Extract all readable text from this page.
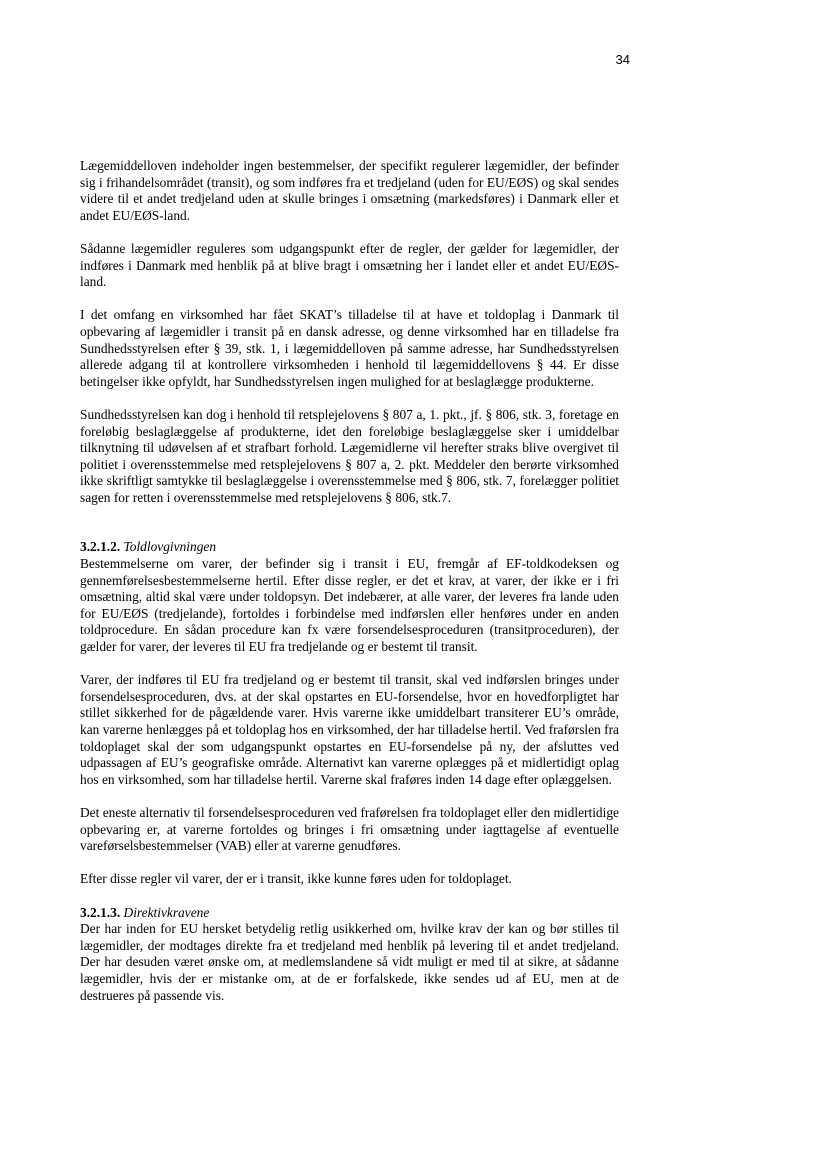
34

Lægemiddelloven indeholder ingen bestemmelser, der specifikt regulerer lægemidler, der befinder sig i frihandelsområdet (transit), og som indføres fra et tredjeland (uden for EU/EØS) og skal sendes videre til et andet tredjeland uden at skulle bringes i omsætning (markedsføres) i Danmark eller et andet EU/EØS-land.

Sådanne lægemidler reguleres som udgangspunkt efter de regler, der gælder for lægemidler, der indføres i Danmark med henblik på at blive bragt i omsætning her i landet eller et andet EU/EØS-land.

I det omfang en virksomhed har fået SKAT’s tilladelse til at have et toldoplag i Danmark til opbevaring af lægemidler i transit på en dansk adresse, og denne virksomhed har en tilladelse fra Sundhedsstyrelsen efter § 39, stk. 1, i lægemiddelloven på samme adresse, har Sundhedsstyrelsen allerede adgang til at kontrollere virksomheden i henhold til lægemiddellovens § 44. Er disse betingelser ikke opfyldt, har Sundhedsstyrelsen ingen mulighed for at beslaglægge produkterne.

Sundhedsstyrelsen kan dog i henhold til retsplejelovens § 807 a, 1. pkt., jf. § 806, stk. 3, foretage en foreløbig beslaglæggelse af produkterne, idet den foreløbige beslaglæggelse sker i umiddelbar tilknytning til udøvelsen af et strafbart forhold. Lægemidlerne vil herefter straks blive overgivet til politiet i overensstemmelse med retsplejelovens § 807 a, 2. pkt. Meddeler den berørte virksomhed ikke skriftligt samtykke til beslaglæggelse i overensstemmelse med § 806, stk. 7, forelægger politiet sagen for retten i overensstemmelse med retsplejelovens § 806, stk.7.

3.2.1.2. Toldlovgivningen

Bestemmelserne om varer, der befinder sig i transit i EU, fremgår af EF-toldkodeksen og gennemførelsesbestemmelserne hertil. Efter disse regler, er det et krav, at varer, der ikke er i fri omsætning, altid skal være under toldopsyn. Det indebærer, at alle varer, der leveres fra lande uden for EU/EØS (tredjelande), fortoldes i forbindelse med indførslen eller henføres under en anden toldprocedure. En sådan procedure kan fx være forsendelsesproceduren (transitproceduren), der gælder for varer, der leveres til EU fra tredjelande og er bestemt til transit.

Varer, der indføres til EU fra tredjeland og er bestemt til transit, skal ved indførslen bringes under forsendelsesproceduren, dvs. at der skal opstartes en EU-forsendelse, hvor en hovedforpligtet har stillet sikkerhed for de pågældende varer. Hvis varerne ikke umiddelbart transiterer EU’s område, kan varerne henlægges på et toldoplag hos en virksomhed, der har tilladelse hertil. Ved fraførslen fra toldoplaget skal der som udgangspunkt opstartes en EU-forsendelse på ny, der afsluttes ved udpassagen af EU’s geografiske område. Alternativt kan varerne oplægges på et midlertidigt oplag hos en virksomhed, som har tilladelse hertil. Varerne skal fraføres inden 14 dage efter oplæggelsen.

Det eneste alternativ til forsendelsesproceduren ved fraførelsen fra toldoplaget eller den midlertidige opbevaring er, at varerne fortoldes og bringes i fri omsætning under iagttagelse af eventuelle vareførselsbestemmelser (VAB) eller at varerne genudføres.

Efter disse regler vil varer, der er i transit, ikke kunne føres uden for toldoplaget.

3.2.1.3. Direktivkravene

Der har inden for EU hersket betydelig retlig usikkerhed om, hvilke krav der kan og bør stilles til lægemidler, der modtages direkte fra et tredjeland med henblik på levering til et andet tredjeland. Der har desuden været ønske om, at medlemslandene så vidt muligt er med til at sikre, at sådanne lægemidler, hvis der er mistanke om, at de er forfalskede, ikke sendes ud af EU, men at de destrueres på passende vis.
